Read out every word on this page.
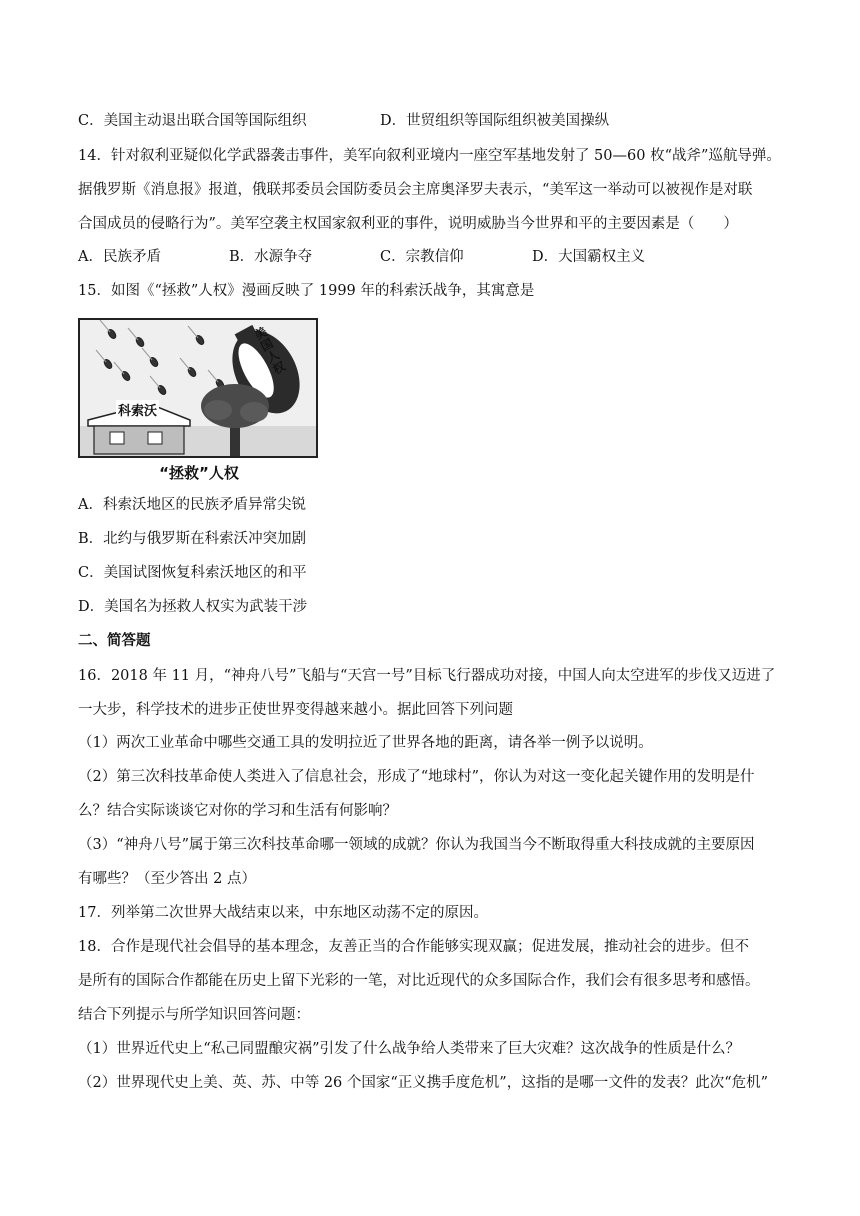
C．美国主动退出联合国等国际组织	D．世贸组织等国际组织被美国操纵
14．针对叙利亚疑似化学武器袭击事件，美军向叙利亚境内一座空军基地发射了 50—60 枚“战斧”巡航导弹。
据俄罗斯《消息报》报道，俄联邦委员会国防委员会主席奥泽罗夫表示，“美军这一举动可以被视作是对联
合国成员的侵略行为”。美军空袭主权国家叙利亚的事件，说明威胁当今世界和平的主要因素是（　　）
A．民族矛盾	B．水源争夺	C．宗教信仰	D．大国霸权主义
15．如图《“拯救”人权》漫画反映了 1999 年的科索沃战争，其寓意是
科索沃
美国人权
“拯救”人权
A．科索沃地区的民族矛盾异常尖锐
B．北约与俄罗斯在科索沃冲突加剧
C．美国试图恢复科索沃地区的和平
D．美国名为拯救人权实为武装干涉
二、简答题
16．2018 年 11 月，“神舟八号”飞船与“天宫一号”目标飞行器成功对接，中国人向太空进军的步伐又迈进了
一大步，科学技术的进步正使世界变得越来越小。据此回答下列问题
（1）两次工业革命中哪些交通工具的发明拉近了世界各地的距离，请各举一例予以说明。
（2）第三次科技革命使人类进入了信息社会，形成了“地球村”，你认为对这一变化起关键作用的发明是什
么？结合实际谈谈它对你的学习和生活有何影响？
（3）“神舟八号”属于第三次科技革命哪一领域的成就？你认为我国当今不断取得重大科技成就的主要原因
有哪些？（至少答出 2 点）
17．列举第二次世界大战结束以来，中东地区动荡不定的原因。
18．合作是现代社会倡导的基本理念，友善正当的合作能够实现双赢；促进发展，推动社会的进步。但不
是所有的国际合作都能在历史上留下光彩的一笔，对比近现代的众多国际合作，我们会有很多思考和感悟。
结合下列提示与所学知识回答问题：
（1）世界近代史上“私己同盟酿灾祸”引发了什么战争给人类带来了巨大灾难？这次战争的性质是什么？
（2）世界现代史上美、英、苏、中等 26 个国家“正义携手度危机”，这指的是哪一文件的发表？此次“危机”
